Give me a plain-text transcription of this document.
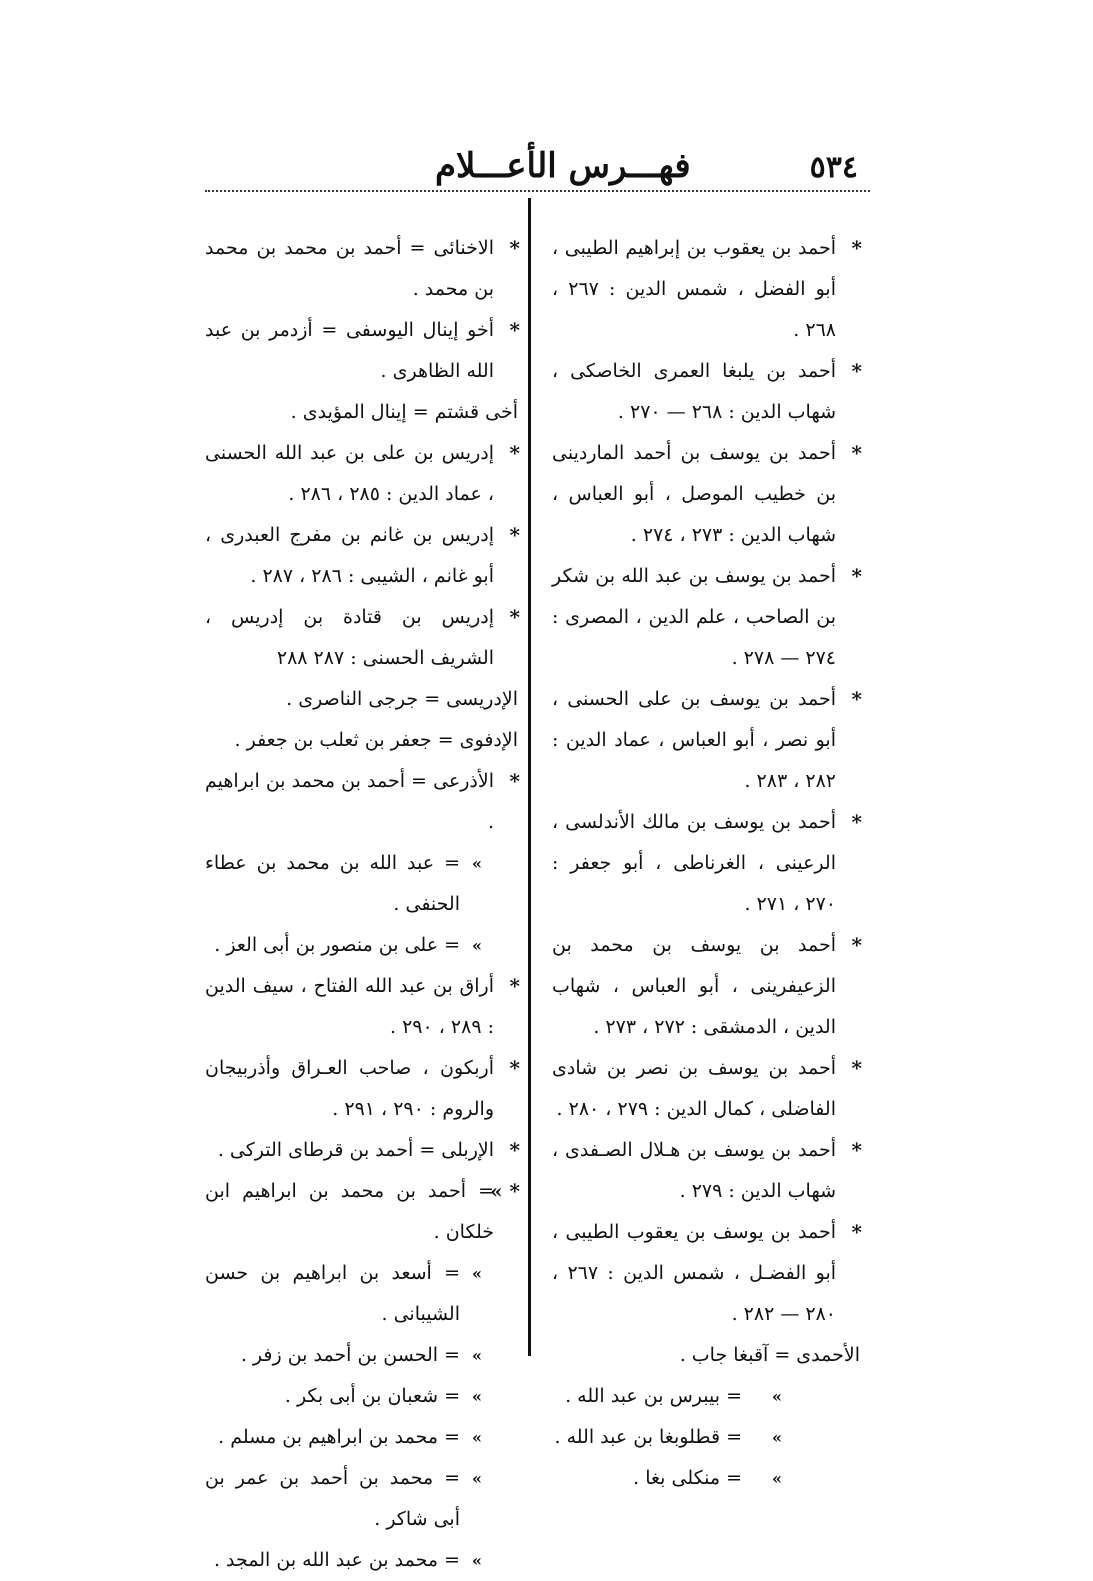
٥٣٤
فهـــرس الأعـــلام
*
أحمد بن يعقوب بن إبراهيم الطيبى ، أبو الفضل ، شمس الدين : ٢٦٧ ، ٢٦٨ .
*
أحمد بن يلبغا العمرى الخاصكى ، شهاب الدين : ٢٦٨ — ٢٧٠ .
*
أحمد بن يوسف بن أحمد الماردينى بن خطيب الموصل ، أبو العباس ، شهاب الدين : ٢٧٣ ، ٢٧٤ .
*
أحمد بن يوسف بن عبد الله بن شكر بن الصاحب ، علم الدين ، المصرى : ٢٧٤ — ٢٧٨ .
*
أحمد بن يوسف بن على الحسنى ، أبو نصر ، أبو العباس ، عماد الدين : ٢٨٢ ، ٢٨٣ .
*
أحمد بن يوسف بن مالك الأندلسى ، الرعينى ، الغرناطى ، أبو جعفر : ٢٧٠ ، ٢٧١ .
*
أحمد بن يوسف بن محمد بن الزعيفرينى ، أبو العباس ، شهاب الدين ، الدمشقى : ٢٧٢ ، ٢٧٣ .
*
أحمد بن يوسف بن نصر بن شادى الفاضلى ، كمال الدين : ٢٧٩ ، ٢٨٠ .
*
أحمد بن يوسف بن هـلال الصـفدى ، شهاب الدين : ٢٧٩ .
*
أحمد بن يوسف بن يعقوب الطيبى ، أبو الفضـل ، شمس الدين : ٢٦٧ ، ٢٨٠ — ٢٨٢ .
الأحمدى = آقبغا جاب .
»
= بيبرس بن عبد الله .
»
= قطلوبغا بن عبد الله .
»
= منكلى بغا .
*
الاخنائى = أحمد بن محمد بن محمد بن محمد .
*
أخو إينال اليوسفى = أزدمر بن عبد الله الظاهرى .
أخى قشتم = إينال المؤيدى .
*
إدريس بن على بن عبد الله الحسنى ، عماد الدين : ٢٨٥ ، ٢٨٦ .
*
إدريس بن غانم بن مفرج العبدرى ، أبو غانم ، الشيبى : ٢٨٦ ، ٢٨٧ .
*
إدريس بن قتادة بن إدريس ، الشريف الحسنى : ٢٨٧ ٢٨٨
الإدريسى = جرجى الناصرى .
الإدفوى = جعفر بن ثعلب بن جعفر .
*
الأذرعى = أحمد بن محمد بن ابراهيم .
»
= عبد الله بن محمد بن عطاء الحنفى .
»
= على بن منصور بن أبى العز .
*
أراق بن عبد الله الفتاح ، سيف الدين : ٢٨٩ ، ٢٩٠ .
*
أربكون ، صاحب العـراق وأذربيجان والروم : ٢٩٠ ، ٢٩١ .
*
الإربلى = أحمد بن قرطاى التركى .
* »
= أحمد بن محمد بن ابراهيم ابن خلكان .
»
= أسعد بن ابراهيم بن حسن الشيبانى .
»
= الحسن بن أحمد بن زفر .
»
= شعبان بن أبى بكر .
»
= محمد بن ابراهيم بن مسلم .
»
= محمد بن أحمد بن عمر بن أبى شاكر .
»
= محمد بن عبد الله بن المجد .
